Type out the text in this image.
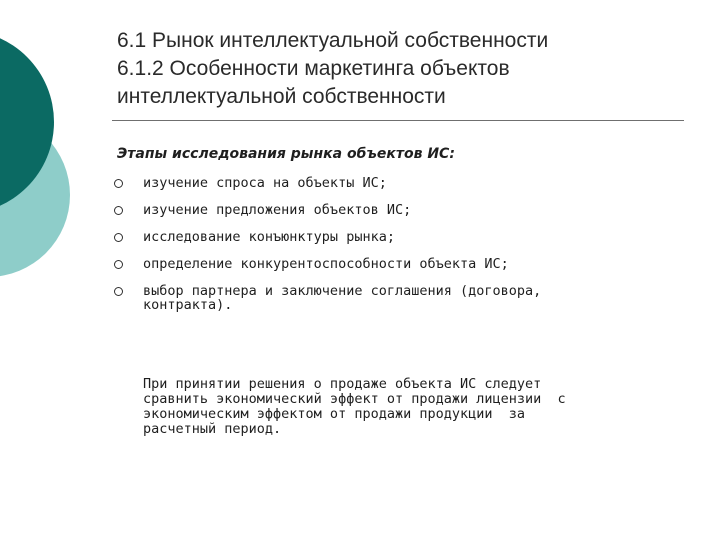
6.1 Рынок интеллектуальной собственности
6.1.2 Особенности маркетинга объектов
интеллектуальной собственности
Этапы исследования рынка объектов ИС:
изучение спроса на объекты ИС;
изучение предложения объектов ИС;
исследование конъюнктуры рынка;
определение конкурентоспособности объекта ИС;
выбор партнера и заключение соглашения (договора,
контракта).
При принятии решения о продаже объекта ИС следует
сравнить экономический эффект от продажи лицензии  с
экономическим эффектом от продажи продукции  за
расчетный период.
